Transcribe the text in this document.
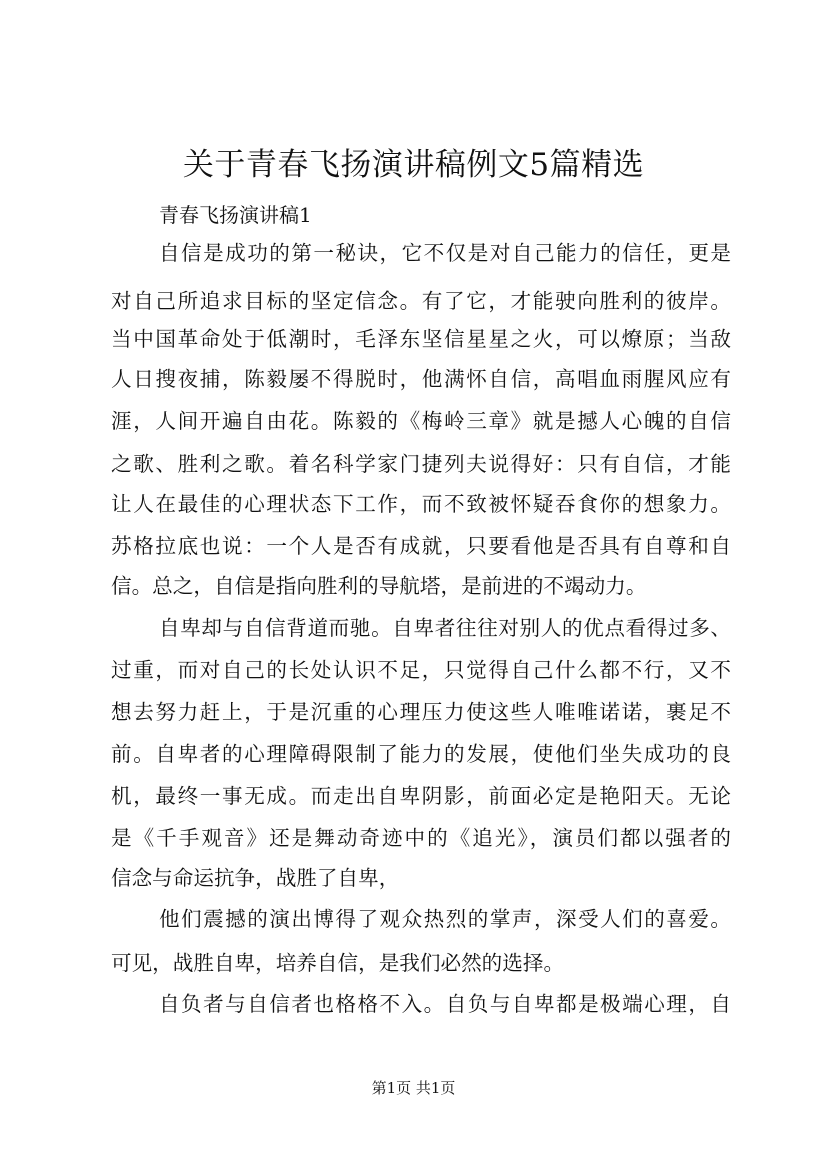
关于青春飞扬演讲稿例文5篇精选

青春飞扬演讲稿1

自信是成功的第一秘诀，它不仅是对自己能力的信任，更是

对自己所追求目标的坚定信念。有了它，才能驶向胜利的彼岸。

当中国革命处于低潮时，毛泽东坚信星星之火，可以燎原；当敌

人日搜夜捕，陈毅屡不得脱时，他满怀自信，高唱血雨腥风应有

涯，人间开遍自由花。陈毅的《梅岭三章》就是撼人心魄的自信

之歌、胜利之歌。着名科学家门捷列夫说得好：只有自信，才能

让人在最佳的心理状态下工作，而不致被怀疑吞食你的想象力。

苏格拉底也说：一个人是否有成就，只要看他是否具有自尊和自

信。总之，自信是指向胜利的导航塔，是前进的不竭动力。

自卑却与自信背道而驰。自卑者往往对别人的优点看得过多、

过重，而对自己的长处认识不足，只觉得自己什么都不行，又不

想去努力赶上，于是沉重的心理压力使这些人唯唯诺诺，裹足不

前。自卑者的心理障碍限制了能力的发展，使他们坐失成功的良

机，最终一事无成。而走出自卑阴影，前面必定是艳阳天。无论

是《千手观音》还是舞动奇迹中的《追光》，演员们都以强者的

信念与命运抗争，战胜了自卑，

他们震撼的演出博得了观众热烈的掌声，深受人们的喜爱。

可见，战胜自卑，培养自信，是我们必然的选择。

自负者与自信者也格格不入。自负与自卑都是极端心理，自

第1页 共1页
